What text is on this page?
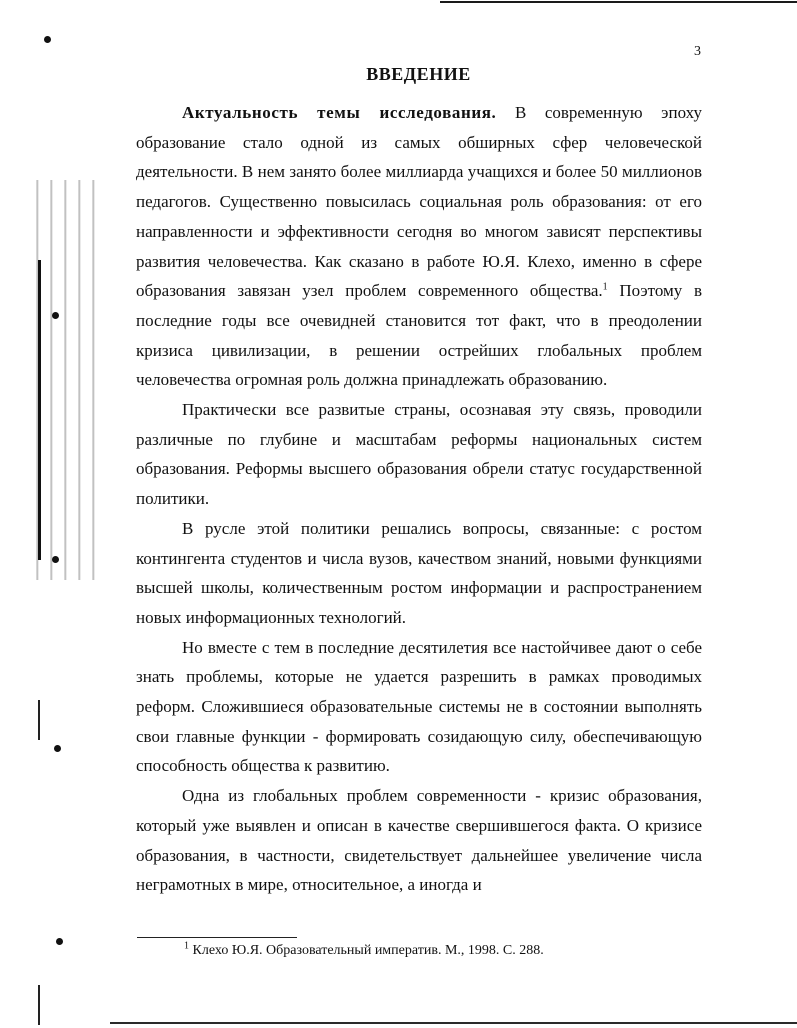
3
ВВЕДЕНИЕ

Актуальность темы исследования. В современную эпоху образование стало одной из самых обширных сфер человеческой деятельности. В нем занято более миллиарда учащихся и более 50 миллионов педагогов. Существенно повысилась социальная роль образования: от его направленности и эффективности сегодня во многом зависят перспективы развития человечества. Как сказано в работе Ю.Я. Клехо, именно в сфере образования завязан узел проблем современного общества.$^1$ Поэтому в последние годы все очевидней становится тот факт, что в преодолении кризиса цивилизации, в решении острейших глобальных проблем человечества огромная роль должна принадлежать образованию.

Практически все развитые страны, осознавая эту связь, проводили различные по глубине и масштабам реформы национальных систем образования. Реформы высшего образования обрели статус государственной политики.

В русле этой политики решались вопросы, связанные: с ростом контингента студентов и числа вузов, качеством знаний, новыми функциями высшей школы, количественным ростом информации и распространением новых информационных технологий.

Но вместе с тем в последние десятилетия все настойчивее дают о себе знать проблемы, которые не удается разрешить в рамках проводимых реформ. Сложившиеся образовательные системы не в состоянии выполнять свои главные функции - формировать созидающую силу, обеспечивающую способность общества к развитию.

Одна из глобальных проблем современности - кризис образования, который уже выявлен и описан в качестве свершившегося факта. О кризисе образования, в частности, свидетельствует дальнейшее увеличение числа неграмотных в мире, относительное, а иногда и

$^1$ Клехо Ю.Я. Образовательный императив. М., 1998. С. 288.
